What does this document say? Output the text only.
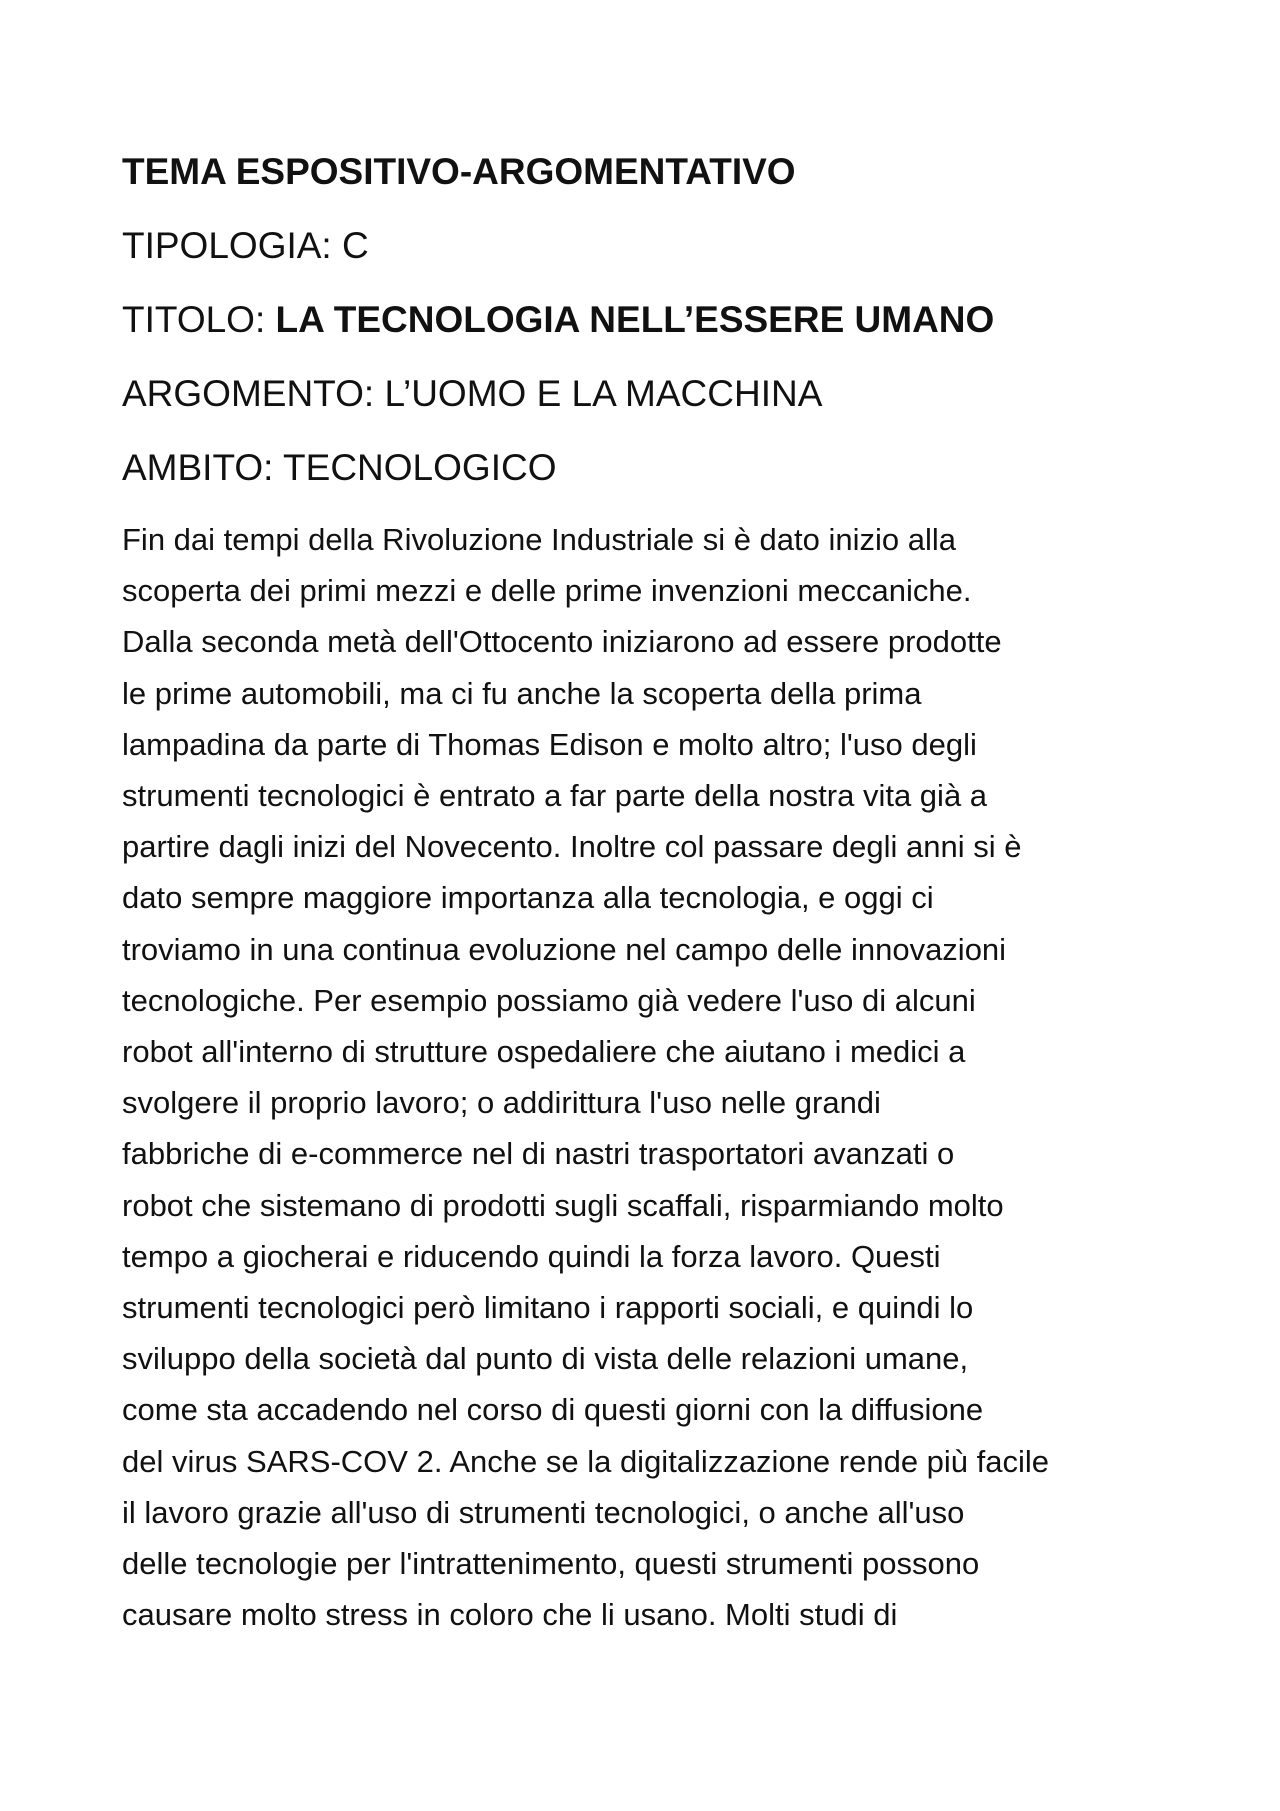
TEMA ESPOSITIVO-ARGOMENTATIVO
TIPOLOGIA: C
TITOLO: LA TECNOLOGIA NELL’ESSERE UMANO
ARGOMENTO: L’UOMO E LA MACCHINA
AMBITO: TECNOLOGICO
Fin dai tempi della Rivoluzione Industriale si è dato inizio alla
scoperta dei primi mezzi e delle prime invenzioni meccaniche.
Dalla seconda metà dell'Ottocento iniziarono ad essere prodotte
le prime automobili, ma ci fu anche la scoperta della prima
lampadina da parte di Thomas Edison e molto altro; l'uso degli
strumenti tecnologici è entrato a far parte della nostra vita già a
partire dagli inizi del Novecento. Inoltre col passare degli anni si è
dato sempre maggiore importanza alla tecnologia, e oggi ci
troviamo in una continua evoluzione nel campo delle innovazioni
tecnologiche. Per esempio possiamo già vedere l'uso di alcuni
robot all'interno di strutture ospedaliere che aiutano i medici a
svolgere il proprio lavoro; o addirittura l'uso nelle grandi
fabbriche di e-commerce nel di nastri trasportatori avanzati o
robot che sistemano di prodotti sugli scaffali, risparmiando molto
tempo a giocherai e riducendo quindi la forza lavoro. Questi
strumenti tecnologici però limitano i rapporti sociali, e quindi lo
sviluppo della società dal punto di vista delle relazioni umane,
come sta accadendo nel corso di questi giorni con la diffusione
del virus SARS-COV 2. Anche se la digitalizzazione rende più facile
il lavoro grazie all'uso di strumenti tecnologici, o anche all'uso
delle tecnologie per l'intrattenimento, questi strumenti possono
causare molto stress in coloro che li usano. Molti studi di
